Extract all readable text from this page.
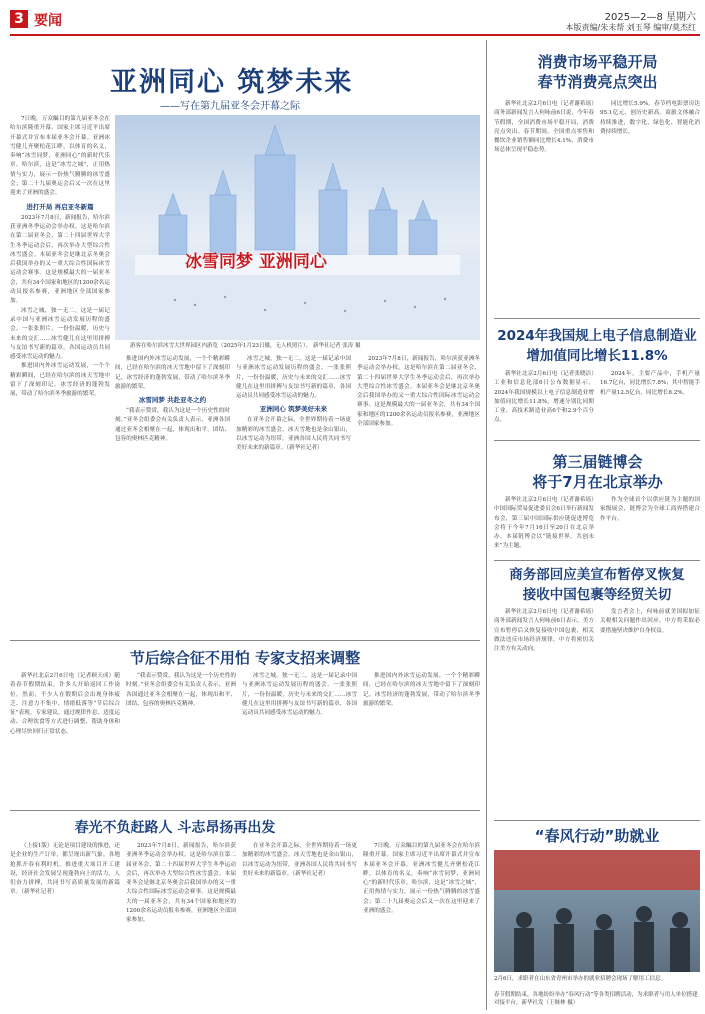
3 要闻	2025—2—8 星期六
本版责编/朱未帮 刘玉琴 编审/莫杰红
亚洲同心 筑梦未来
——写在第九届亚冬会开幕之际

7日晚，万众瞩目的第九届亚冬会在哈尔滨隆重开幕。国家主席习近平出席开幕式并宣布本届亚冬会开幕。亚洲冰雪健儿齐聚松花江畔，以体育的名义，奏响“冰雪同梦，亚洲同心”的新时代乐章。哈尔滨，这是“冰雪之城”，正用热情与实力，展示一份热气腾腾的冰雪盛会；第二十九届奥运会后又一次在这里迎来了亚洲的盛会。

进打开局 再启亚冬新篇

2023年7月8日，新闻报告，哈尔滨获亚洲冬季运动会举办权。这是哈尔滨在第二届亚冬会、第二十四届世界大学生冬季运动会后，再次举办大型综合性冰雪盛会。本届亚冬会是继北京冬奥会后我国举办的又一重大综合性国际冰雪运动会赛事。这是规模最大的一届亚冬会，共有34个国家和地区的1200余名运动员报名参赛，亚洲地区全部国家参加。

冰雪之城，独一无二。这是一届记录中国与亚洲冰雪运动发展历程的盛会。一张张照片，一份份温暖，历史与未来的交汇……冰雪健儿在这里用拼搏与友谊书写新的篇章，各国运动员共同感受冰雪运动的魅力。

推进国内外冰雪运动发展，一个个精彩瞬间，已经在哈尔滨的冰天雪地中留下了深刻印记。冰雪经济的蓬勃发展，带动了哈尔滨冬季旅游的繁荣。

冰雪同梦 亚洲同心
游客在哈尔滨冰雪大世界园区内游览（2025年1月23日摄，无人机照片）。 新华社记者 张涛 摄

推进国内外冰雪运动发展，一个个精彩瞬间，已经在哈尔滨的冰天雪地中留下了深刻印记。冰雪经济的蓬勃发展，带动了哈尔滨冬季旅游的繁荣。

冰雪同梦 共赴亚冬之约

“我表示赞赏，我认为这是一个历史性的时刻。”亚冬会组委会有关负责人表示，亚洲各国通过亚冬会相聚在一起，体现出和平、团结、包容的奥林匹克精神。

冰雪之城，独一无二。这是一届记录中国与亚洲冰雪运动发展历程的盛会。一张张照片，一份份温暖，历史与未来的交汇……冰雪健儿在这里用拼搏与友谊书写新的篇章，各国运动员共同感受冰雪运动的魅力。

亚洲同心 筑梦美好未来

在亚冬会开幕之际，全世界期待着一场更加精彩的冰雪盛会。冰天雪地也是金山银山，以冰雪运动为纽带，亚洲各国人民将共同书写美好未来的新篇章。（新华社记者）

2023年7月8日，新闻报告，哈尔滨获亚洲冬季运动会举办权。这是哈尔滨在第二届亚冬会、第二十四届世界大学生冬季运动会后，再次举办大型综合性冰雪盛会。本届亚冬会是继北京冬奥会后我国举办的又一重大综合性国际冰雪运动会赛事。这是规模最大的一届亚冬会，共有34个国家和地区的1200余名运动员报名参赛，亚洲地区全部国家参加。

消费市场平稳开局
春节消费亮点突出

新华社北京2月6日电（记者谢希瑶）商务部新闻发言人何咏前6日说，今年春节假期，全国消费市场平稳开局，消费亮点突出。春节期间，全国重点零售和餐饮企业销售额同比增长4.1%，消费市场总体呈现平稳态势。

同比增长5.9%。春节档电影票房达95.1亿元，创历史新高。商旅文体融合持续推进，数字化、绿色化、智能化消费持续增长。

2024年我国规上电子信息制造业
增加值同比增长11.8%

新华社北京2月6日电（记者张晓洁）工业和信息化部6日公布数据显示，2024年我国规模以上电子信息制造业增加值同比增长11.8%，增速分别比同期工业、高技术制造业高6个和2.9个百分点。

2024年，主要产品中，手机产量16.7亿台，同比增长7.8%；其中智能手机产量12.5亿台，同比增长8.2%。

第三届链博会
将于7月在北京举办

新华社北京2月6日电（记者谢希瑶）中国国际贸易促进委员会6日举行新闻发布会，第三届中国国际供应链促进博览会将于今年7月16日至20日在北京举办。本届链博会以“链接世界，共创未来”为主题。

作为全球首个以供应链为主题的国家级展会，链博会为全球工商界搭建合作平台。

商务部回应美宣布暂停叉恢复
接收中国包裹等经贸关切

新华社北京2月6日电（记者谢希瑶）商务部新闻发言人何咏前6日表示，美方宣布暂停后又恢复接收中国包裹，相关做法违反市场经济规律。中方将密切关注美方有关动向。

发言者会上，何咏前就美国拟加征关税相关问题作出回应，中方将采取必要措施坚决维护自身权益。

节后综合征不用怕 专家支招来调整

新华社北京2月6日电（记者顾天成）随着春节假期结束，许多人开始返回工作岗位。然而，不少人在假期后会出现身体疲乏、注意力不集中、情绪低落等“节后综合征”表现。专家建议，通过规律作息、适度运动、合理饮食等方式进行调整，帮助身体和心理尽快回归正常状态。

“我表示赞赏，我认为这是一个历史性的时刻。”亚冬会组委会有关负责人表示，亚洲各国通过亚冬会相聚在一起，体现出和平、团结、包容的奥林匹克精神。

冰雪之城，独一无二。这是一届记录中国与亚洲冰雪运动发展历程的盛会。一张张照片，一份份温暖，历史与未来的交汇……冰雪健儿在这里用拼搏与友谊书写新的篇章，各国运动员共同感受冰雪运动的魅力。

推进国内外冰雪运动发展，一个个精彩瞬间，已经在哈尔滨的冰天雪地中留下了深刻印记。冰雪经济的蓬勃发展，带动了哈尔滨冬季旅游的繁荣。

春光不负赶路人 斗志昂扬再出发

（上接1版）无论是项目建设的推进，还是企业的生产订单，都呈现出新气象。各地抢抓开春有利时机，推进重大项目开工建设，经济社会发展呈现蓬勃向上的活力，人们奋力拼搏，共同书写高质量发展的新篇章。（新华社记者）

2023年7月8日，新闻报告，哈尔滨获亚洲冬季运动会举办权。这是哈尔滨在第二届亚冬会、第二十四届世界大学生冬季运动会后，再次举办大型综合性冰雪盛会。本届亚冬会是继北京冬奥会后我国举办的又一重大综合性国际冰雪运动会赛事。这是规模最大的一届亚冬会，共有34个国家和地区的1200余名运动员报名参赛，亚洲地区全部国家参加。

在亚冬会开幕之际，全世界期待着一场更加精彩的冰雪盛会。冰天雪地也是金山银山，以冰雪运动为纽带，亚洲各国人民将共同书写美好未来的新篇章。（新华社记者）

7日晚，万众瞩目的第九届亚冬会在哈尔滨隆重开幕。国家主席习近平出席开幕式并宣布本届亚冬会开幕。亚洲冰雪健儿齐聚松花江畔，以体育的名义，奏响“冰雪同梦，亚洲同心”的新时代乐章。哈尔滨，这是“冰雪之城”，正用热情与实力，展示一份热气腾腾的冰雪盛会；第二十九届奥运会后又一次在这里迎来了亚洲的盛会。

“春风行动”助就业
2月6日，求职者在山东省青州市举办的就业招聘会现场了解用工信息。
春节假期结束，各地纷纷举办“春风行动”等各类招聘活动，为求职者与用人单位搭建对接平台。新华社发（王继林 摄）
